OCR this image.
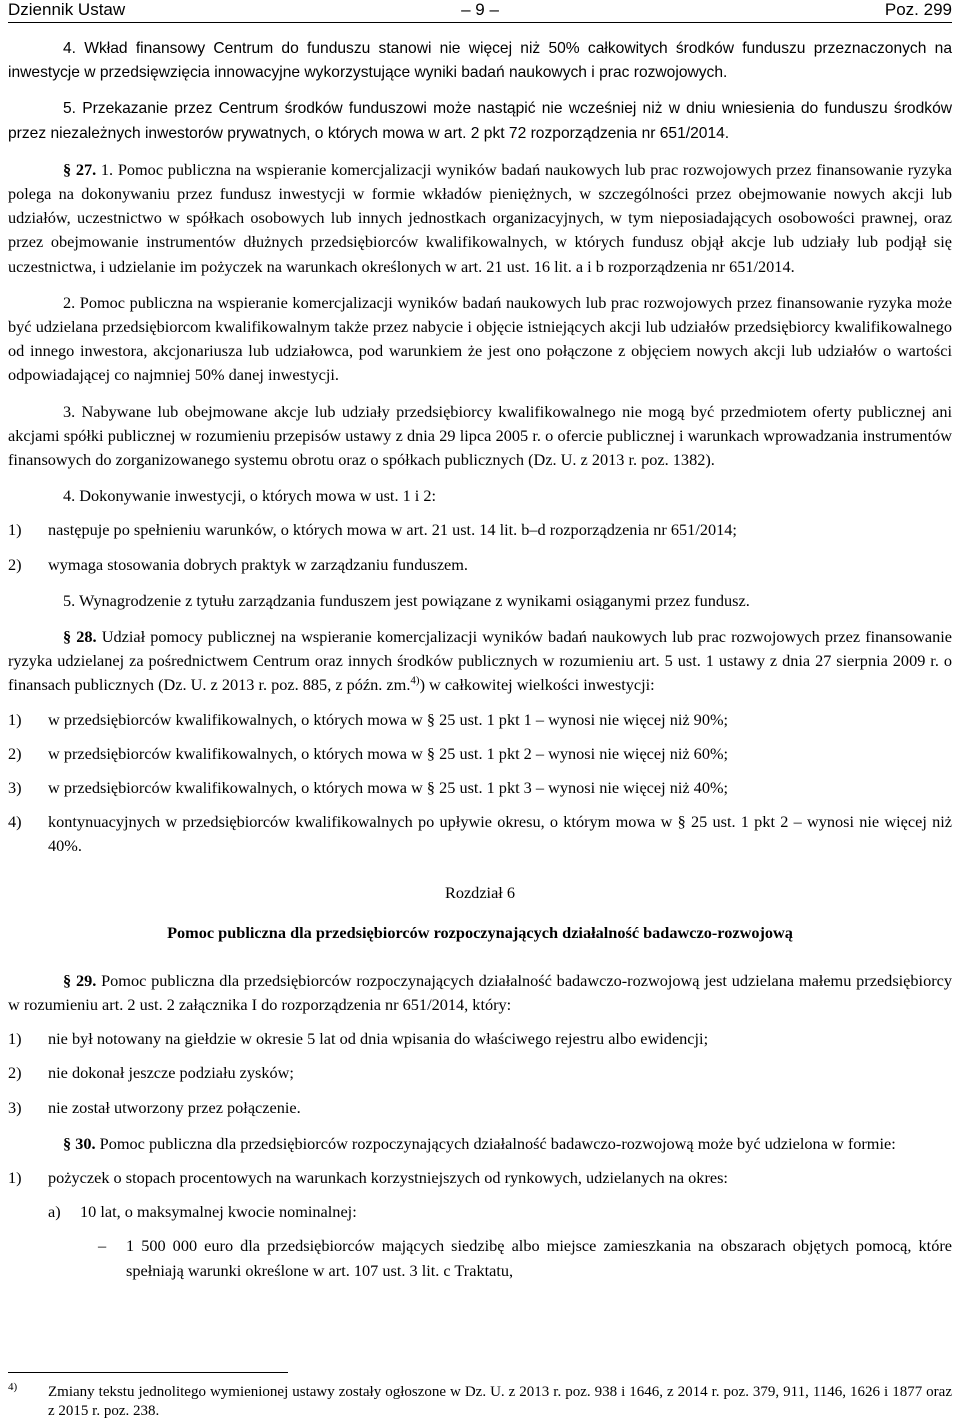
Dziennik Ustaw	– 9 –	Poz. 299

4. Wkład finansowy Centrum do funduszu stanowi nie więcej niż 50% całkowitych środków funduszu przeznaczonych na inwestycje w przedsięwzięcia innowacyjne wykorzystujące wyniki badań naukowych i prac rozwojowych.

5. Przekazanie przez Centrum środków funduszowi może nastąpić nie wcześniej niż w dniu wniesienia do funduszu środków przez niezależnych inwestorów prywatnych, o których mowa w art. 2 pkt 72 rozporządzenia nr 651/2014.

§ 27. 1. Pomoc publiczna na wspieranie komercjalizacji wyników badań naukowych lub prac rozwojowych przez finansowanie ryzyka polega na dokonywaniu przez fundusz inwestycji w formie wkładów pieniężnych, w szczególności przez obejmowanie nowych akcji lub udziałów, uczestnictwo w spółkach osobowych lub innych jednostkach organizacyjnych, w tym nieposiadających osobowości prawnej, oraz przez obejmowanie instrumentów dłużnych przedsiębiorców kwalifikowalnych, w których fundusz objął akcje lub udziały lub podjął się uczestnictwa, i udzielanie im pożyczek na warunkach określonych w art. 21 ust. 16 lit. a i b rozporządzenia nr 651/2014.

2. Pomoc publiczna na wspieranie komercjalizacji wyników badań naukowych lub prac rozwojowych przez finansowanie ryzyka może być udzielana przedsiębiorcom kwalifikowalnym także przez nabycie i objęcie istniejących akcji lub udziałów przedsiębiorcy kwalifikowalnego od innego inwestora, akcjonariusza lub udziałowca, pod warunkiem że jest ono połączone z objęciem nowych akcji lub udziałów o wartości odpowiadającej co najmniej 50% danej inwestycji.

3. Nabywane lub obejmowane akcje lub udziały przedsiębiorcy kwalifikowalnego nie mogą być przedmiotem oferty publicznej ani akcjami spółki publicznej w rozumieniu przepisów ustawy z dnia 29 lipca 2005 r. o ofercie publicznej i warunkach wprowadzania instrumentów finansowych do zorganizowanego systemu obrotu oraz o spółkach publicznych (Dz. U. z 2013 r. poz. 1382).

4. Dokonywanie inwestycji, o których mowa w ust. 1 i 2:

1)	następuje po spełnieniu warunków, o których mowa w art. 21 ust. 14 lit. b–d rozporządzenia nr 651/2014;
2)	wymaga stosowania dobrych praktyk w zarządzaniu funduszem.

5. Wynagrodzenie z tytułu zarządzania funduszem jest powiązane z wynikami osiąganymi przez fundusz.

§ 28. Udział pomocy publicznej na wspieranie komercjalizacji wyników badań naukowych lub prac rozwojowych przez finansowanie ryzyka udzielanej za pośrednictwem Centrum oraz innych środków publicznych w rozumieniu art. 5 ust. 1 ustawy z dnia 27 sierpnia 2009 r. o finansach publicznych (Dz. U. z 2013 r. poz. 885, z późn. zm.$^{4)}$) w całkowitej wielkości inwestycji:

1)	w przedsiębiorców kwalifikowalnych, o których mowa w § 25 ust. 1 pkt 1 – wynosi nie więcej niż 90%;
2)	w przedsiębiorców kwalifikowalnych, o których mowa w § 25 ust. 1 pkt 2 – wynosi nie więcej niż 60%;
3)	w przedsiębiorców kwalifikowalnych, o których mowa w § 25 ust. 1 pkt 3 – wynosi nie więcej niż 40%;
4)	kontynuacyjnych w przedsiębiorców kwalifikowalnych po upływie okresu, o którym mowa w § 25 ust. 1 pkt 2 – wynosi nie więcej niż 40%.
Rozdział 6
Pomoc publiczna dla przedsiębiorców rozpoczynających działalność badawczo-rozwojową

§ 29. Pomoc publiczna dla przedsiębiorców rozpoczynających działalność badawczo-rozwojową jest udzielana małemu przedsiębiorcy w rozumieniu art. 2 ust. 2 załącznika I do rozporządzenia nr 651/2014, który:

1)	nie był notowany na giełdzie w okresie 5 lat od dnia wpisania do właściwego rejestru albo ewidencji;
2)	nie dokonał jeszcze podziału zysków;
3)	nie został utworzony przez połączenie.

§ 30. Pomoc publiczna dla przedsiębiorców rozpoczynających działalność badawczo-rozwojową może być udzielona w formie:

1)	pożyczek o stopach procentowych na warunkach korzystniejszych od rynkowych, udzielanych na okres:
a)	10 lat, o maksymalnej kwocie nominalnej:
–	1 500 000 euro dla przedsiębiorców mających siedzibę albo miejsce zamieszkania na obszarach objętych pomocą, które spełniają warunki określone w art. 107 ust. 3 lit. c Traktatu,
$^{4)}$	Zmiany tekstu jednolitego wymienionej ustawy zostały ogłoszone w Dz. U. z 2013 r. poz. 938 i 1646, z 2014 r. poz. 379, 911, 1146, 1626 i 1877 oraz z 2015 r. poz. 238.
